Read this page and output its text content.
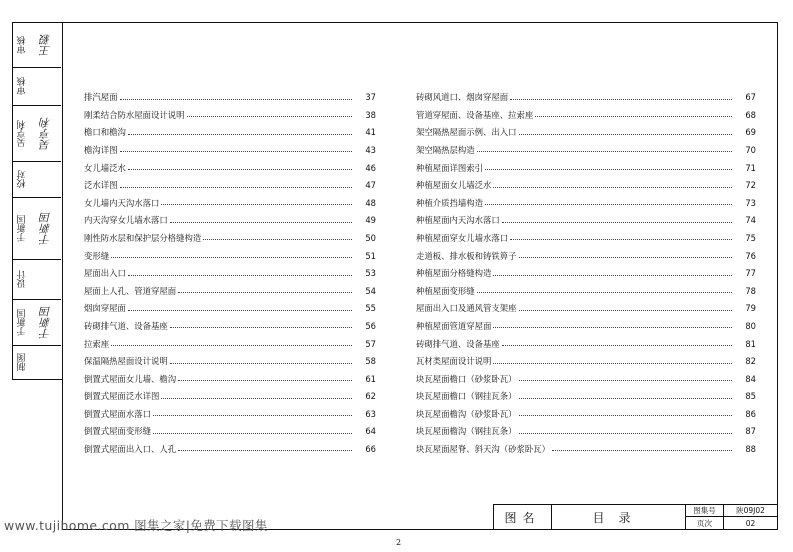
审核	王毅
审核
吴亨利	吴亨利
校对
于新国	于新国
设计
于新国	于新国
制图
排汽屋面	37
刚柔结合防水屋面设计说明	38
檐口和檐沟	41
檐沟详图	43
女儿墙泛水	46
泛水详图	47
女儿墙内天沟水落口	48
内天沟穿女儿墙水落口	49
刚性防水层和保护层分格缝构造	50
变形缝	51
屋面出入口	53
屋面上人孔、管道穿屋面	54
烟囱穿屋面	55
砖砌排气道、设备基座	56
拉索座	57
保温隔热屋面设计说明	58
倒置式屋面女儿墙、檐沟	61
倒置式屋面泛水详图	62
倒置式屋面水落口	63
倒置式屋面变形缝	64
倒置式屋面出入口、人孔	66
砖砌风道口、烟囱穿屋面	67
管道穿屋面、设备基座、拉索座	68
架空隔热屋面示例、出入口	69
架空隔热层构造	70
种植屋面详图索引	71
种植屋面女儿墙泛水	72
种植介质挡墙构造	73
种植屋面内天沟水落口	74
种植屋面穿女儿墙水落口	75
走道板、排水板和铸铁箅子	76
种植屋面分格缝构造	77
种植屋面变形缝	78
屋面出入口及通风管支架座	79
种植屋面管道穿屋面	80
砖砌排气道、设备基座	81
瓦材类屋面设计说明	82
块瓦屋面檐口（砂浆卧瓦）	84
块瓦屋面檐口（钢挂瓦条）	85
块瓦屋面檐沟（砂浆卧瓦）	86
块瓦屋面檐沟（钢挂瓦条）	87
块瓦屋面屋脊、斜天沟（砂浆卧瓦）	88
图名	目录	图集号	陕09J02
页次	02
www.tujihome.com 图集之家|免费下载图集
2
